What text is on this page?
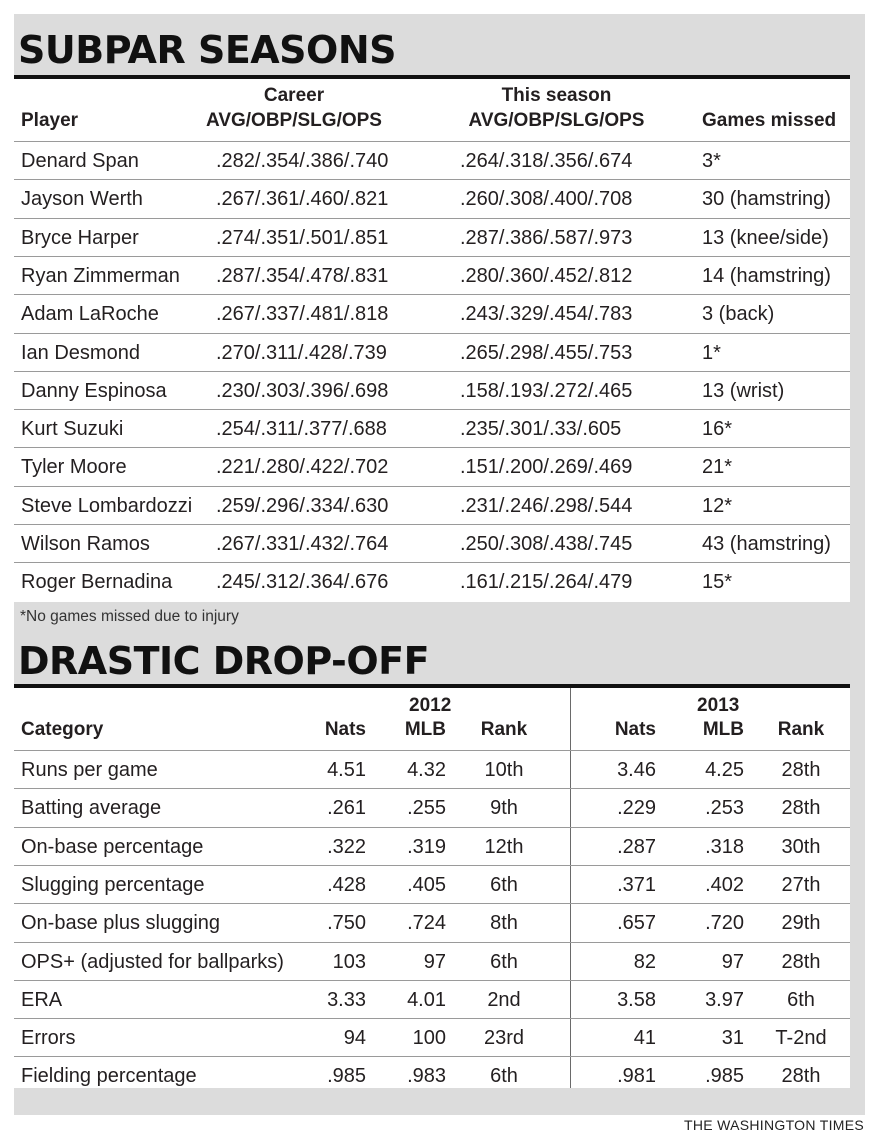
SUBPAR SEASONS
Player
Career
AVG/OBP/SLG/OPS
This season
AVG/OBP/SLG/OPS	Games missed
Denard Span	.282/.354/.386/.740	.264/.318/.356/.674	3*
Jayson Werth	.267/.361/.460/.821	.260/.308/.400/.708	30 (hamstring)
Bryce Harper	.274/.351/.501/.851	.287/.386/.587/.973	13 (knee/side)
Ryan Zimmerman .287/.354/.478/.831	.280/.360/.452/.812	14 (hamstring)
Adam LaRoche	.267/.337/.481/.818	.243/.329/.454/.783	3 (back)
Ian Desmond	.270/.311/.428/.739	.265/.298/.455/.753	1*
Danny Espinosa .230/.303/.396/.698	.158/.193/.272/.465	13 (wrist)
Kurt Suzuki	.254/.311/.377/.688	.235/.301/.33/.605	16*
Tyler Moore	.221/.280/.422/.702	.151/.200/.269/.469	21*
Steve Lombardozzi .259/.296/.334/.630	.231/.246/.298/.544	12*
Wilson Ramos	.267/.331/.432/.764	.250/.308/.438/.745	43 (hamstring)
Roger Bernadina .245/.312/.364/.676	.161/.215/.264/.479	15*
*No games missed due to injury
DRASTIC DROP-OFF
Category
2012
Nats	MLB	Rank
2013
Nats	MLB	Rank
Runs per game	4.51	4.32	10th	3.46	4.25	28th
Batting average	.261	.255	9th	.229	.253	28th
On-base percentage	.322	.319	12th	.287	.318	30th
Slugging percentage	.428	.405	6th	.371	.402	27th
On-base plus slugging	.750	.724	8th	.657	.720	29th
OPS+ (adjusted for ballparks)	103	97	6th	82	97	28th
ERA	3.33	4.01	2nd	3.58	3.97	6th
Errors	94	100	23rd	41	31	T-2nd
Fielding percentage	.985	.983	6th	.981	.985	28th
THE WASHINGTON TIMES
